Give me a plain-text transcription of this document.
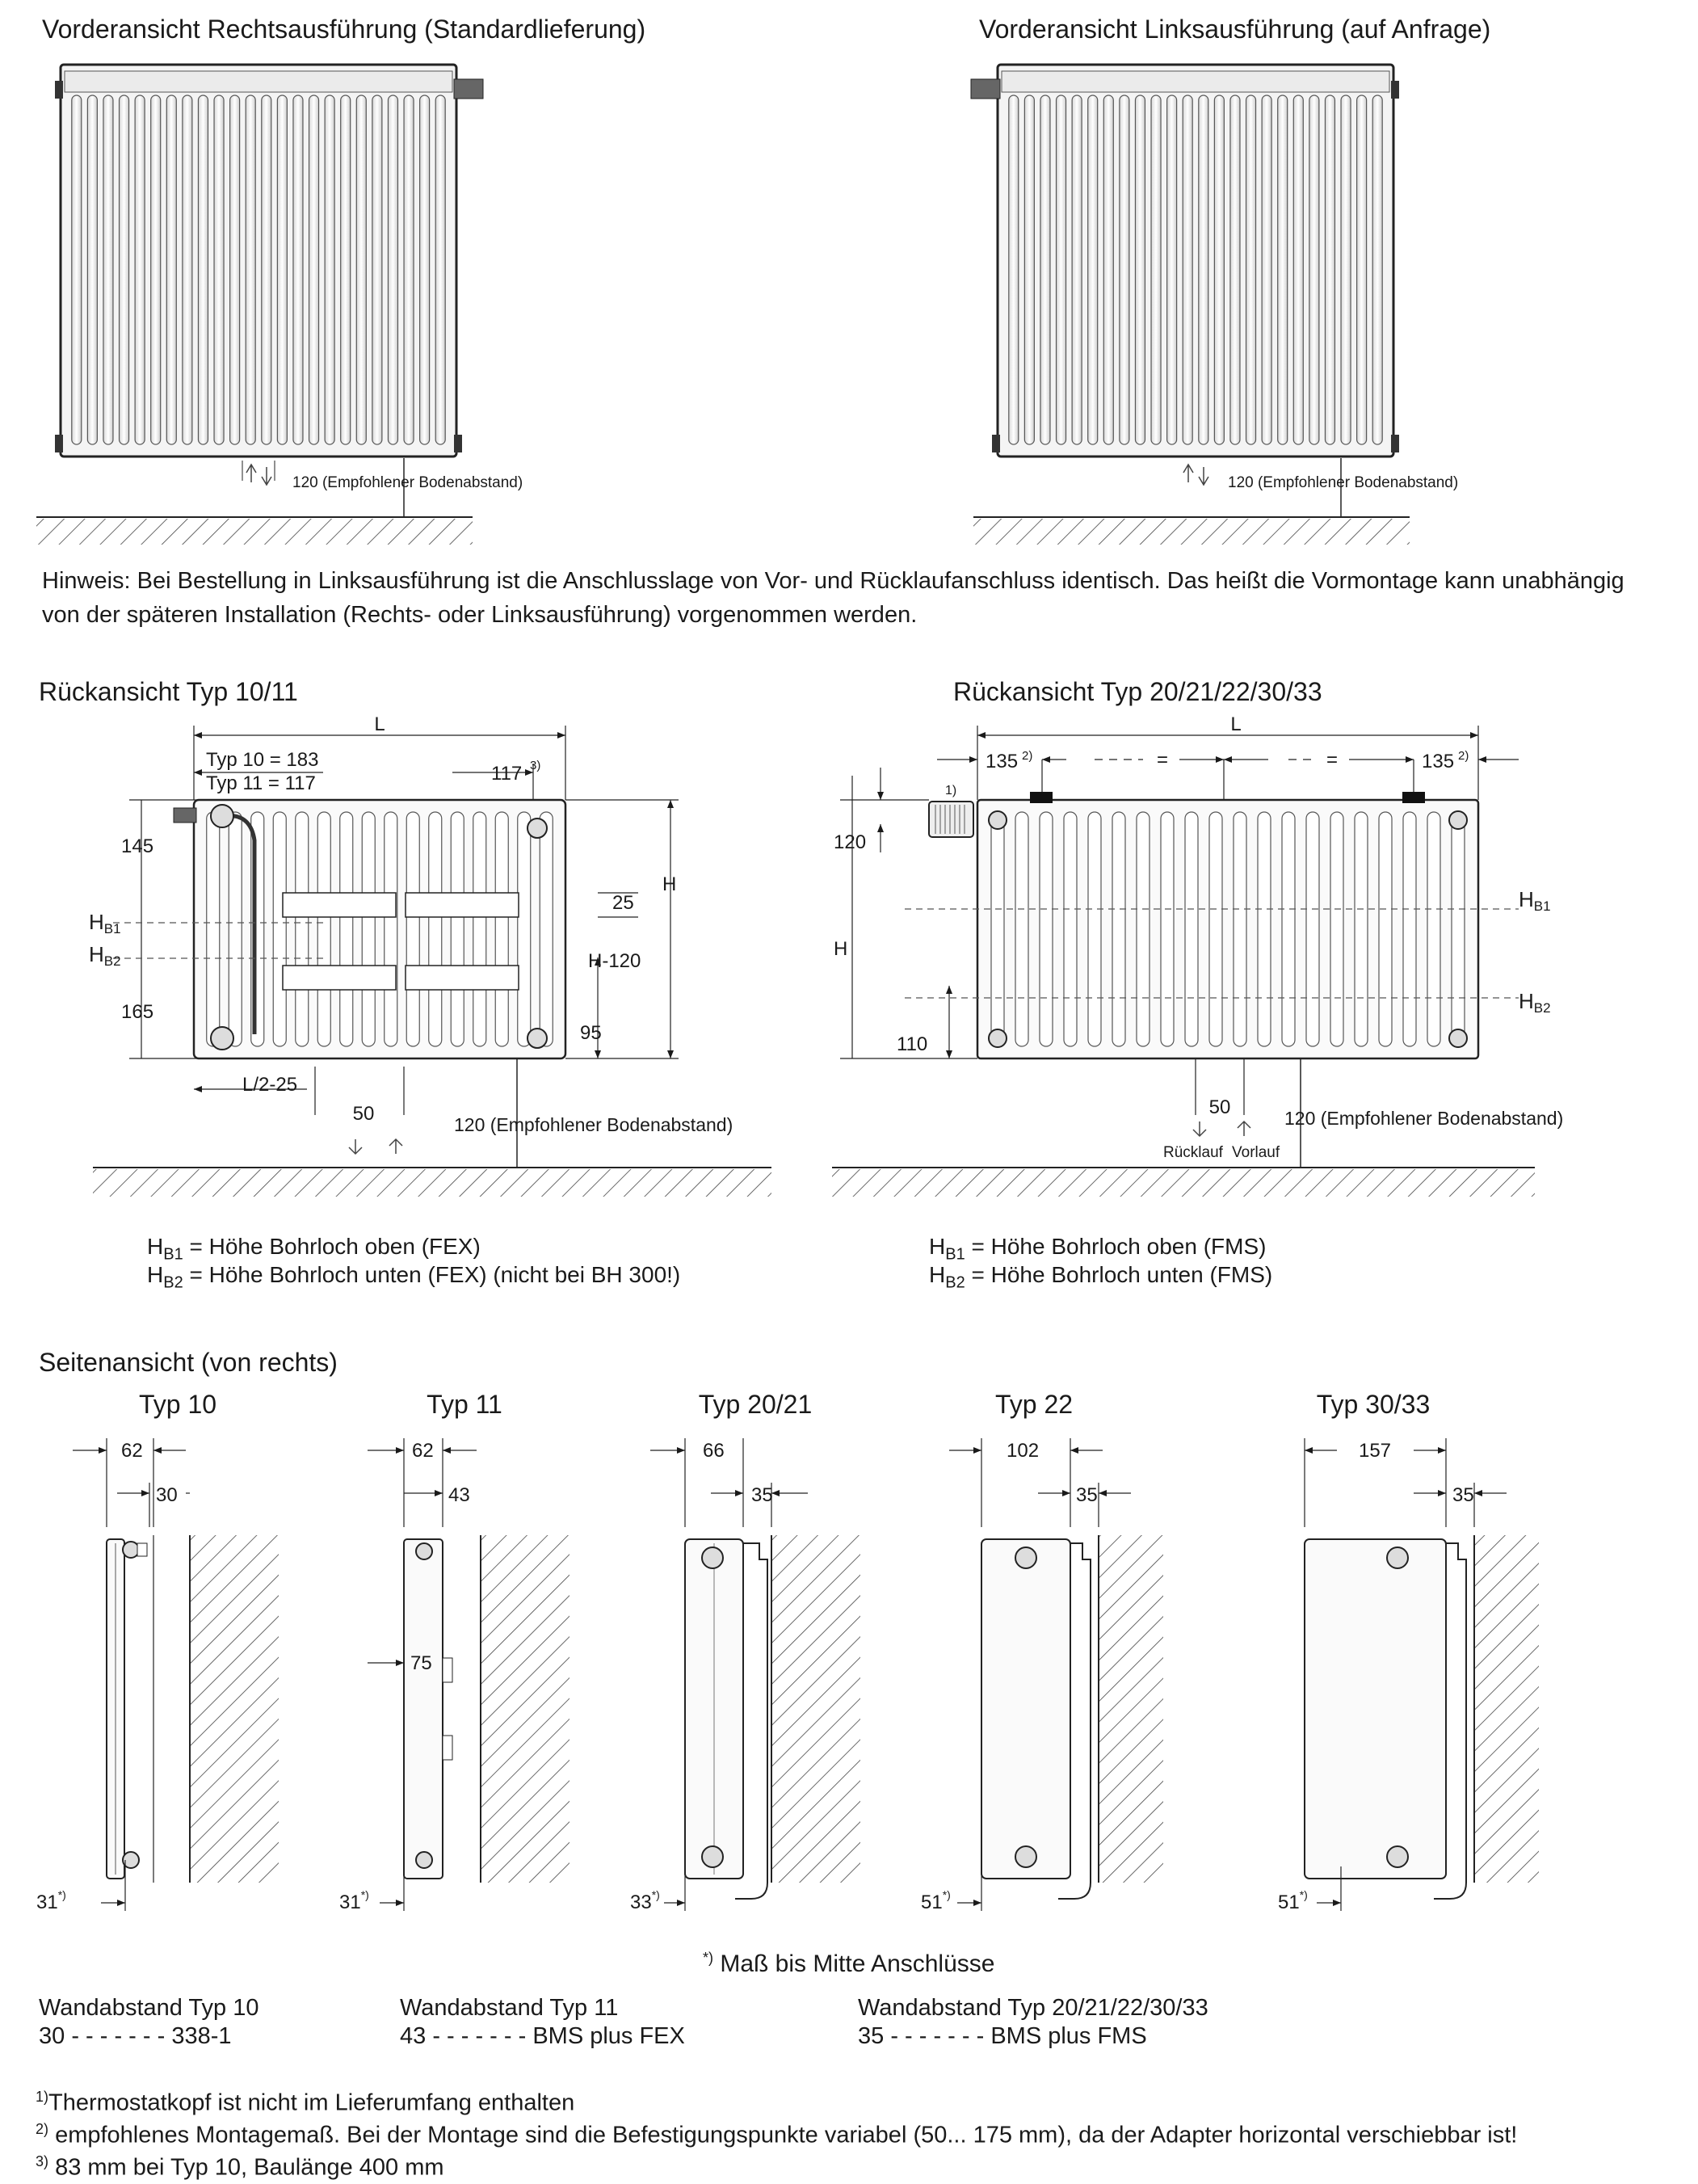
Vorderansicht Rechtsausführung (Standardlieferung)
120 (Empfohlener Bodenabstand)
Vorderansicht Linksausführung (auf Anfrage)
120 (Empfohlener Bodenabstand)
Hinweis: Bei Bestellung in Linksausführung ist die Anschlusslage von Vor- und Rücklaufanschluss identisch. Das heißt die Vormontage kann unabhängig von der späteren Installation (Rechts- oder Linksausführung) vorgenommen werden.
Rückansicht Typ 10/11
L
Typ 10 = 183
Typ 11 = 117	117 3)
145
165
HB1
HB2
H
25
H-120
95
L/2-25
50	120 (Empfohlener Bodenabstand)
$H_{B1}$ = Höhe Bohrloch oben (FEX)
$H_{B2}$ = Höhe Bohrloch unten (FEX) (nicht bei BH 300!)
Rückansicht Typ 20/21/22/30/33
L
135 2)	=	=	135 2)
1)
120
H
110
HB1
HB2
50
Rücklauf Vorlauf
120 (Empfohlener Bodenabstand)
$H_{B1}$ = Höhe Bohrloch oben (FMS)
$H_{B2}$ = Höhe Bohrloch unten (FMS)
Seitenansicht (von rechts)
Typ 10	Typ 11	Typ 20/21	Typ 22	Typ 30/33
62
30
31*)
62
43
75
31*)
66
35
33*)
102
35
51*)
157
35
51*)
*) Maß bis Mitte Anschlüsse
Wandabstand Typ 10
30 - - - - - - - 338-1
Wandabstand Typ 11
43 - - - - - - - BMS plus FEX
Wandabstand Typ 20/21/22/30/33
35 - - - - - - - BMS plus FMS
$^{1)}$Thermostatkopf ist nicht im Lieferumfang enthalten
$^{2)}$ empfohlenes Montagemaß. Bei der Montage sind die Befestigungspunkte variabel (50... 175 mm), da der Adapter horizontal verschiebbar ist!
$^{3)}$ 83 mm bei Typ 10, Baulänge 400 mm
